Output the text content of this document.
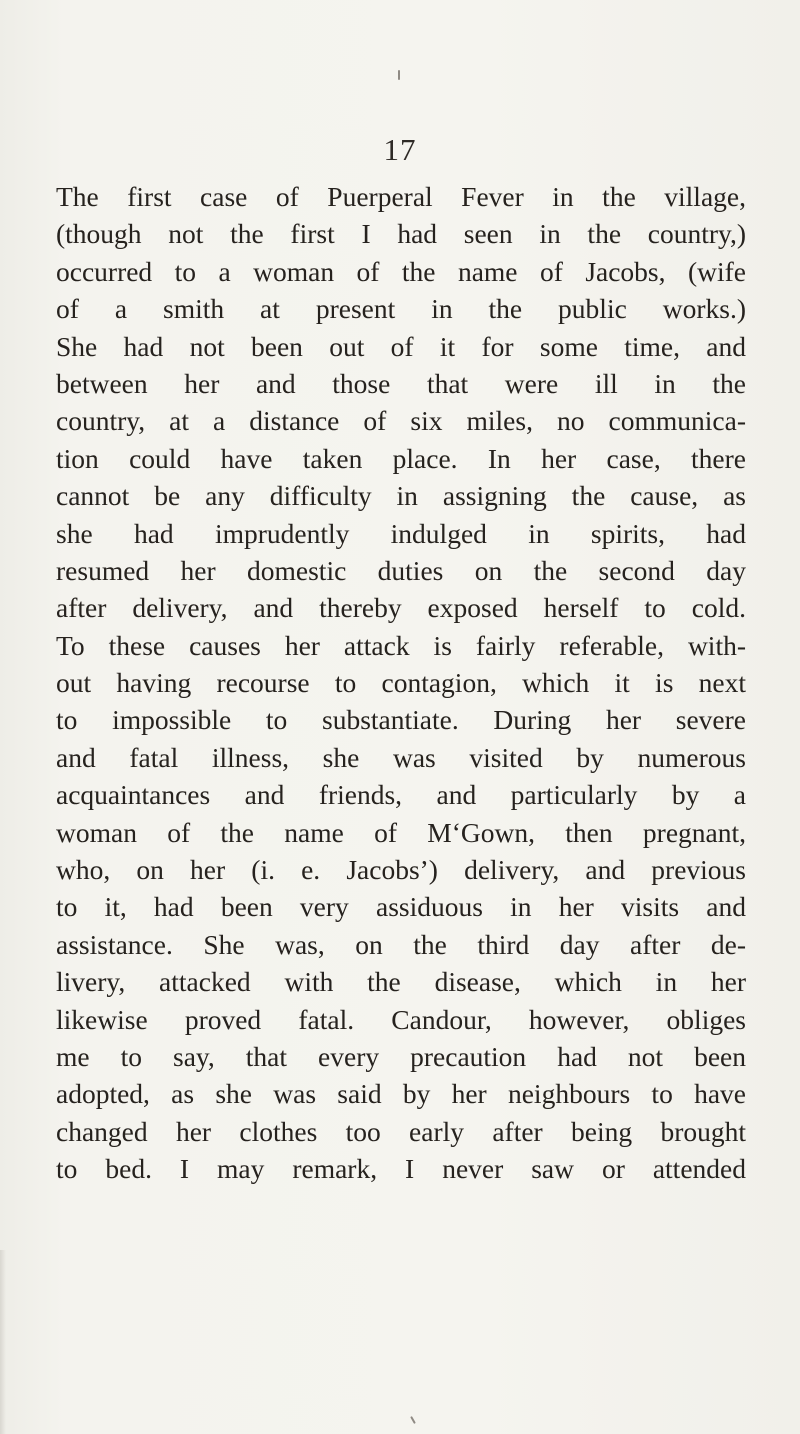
17
The first case of Puerperal Fever in the village,
(though not the first I had seen in the country,)
occurred to a woman of the name of Jacobs, (wife
of a smith at present in the public works.)
She had not been out of it for some time, and
between her and those that were ill in the
country, at a distance of six miles, no communica-
tion could have taken place. In her case, there
cannot be any difficulty in assigning the cause, as
she had imprudently indulged in spirits, had
resumed her domestic duties on the second day
after delivery, and thereby exposed herself to cold.
To these causes her attack is fairly referable, with-
out having recourse to contagion, which it is next
to impossible to substantiate. During her severe
and fatal illness, she was visited by numerous
acquaintances and friends, and particularly by a
woman of the name of M‘Gown, then pregnant,
who, on her (i. e. Jacobs’) delivery, and previous
to it, had been very assiduous in her visits and
assistance. She was, on the third day after de-
livery, attacked with the disease, which in her
likewise proved fatal. Candour, however, obliges
me to say, that every precaution had not been
adopted, as she was said by her neighbours to have
changed her clothes too early after being brought
to bed. I may remark, I never saw or attended
